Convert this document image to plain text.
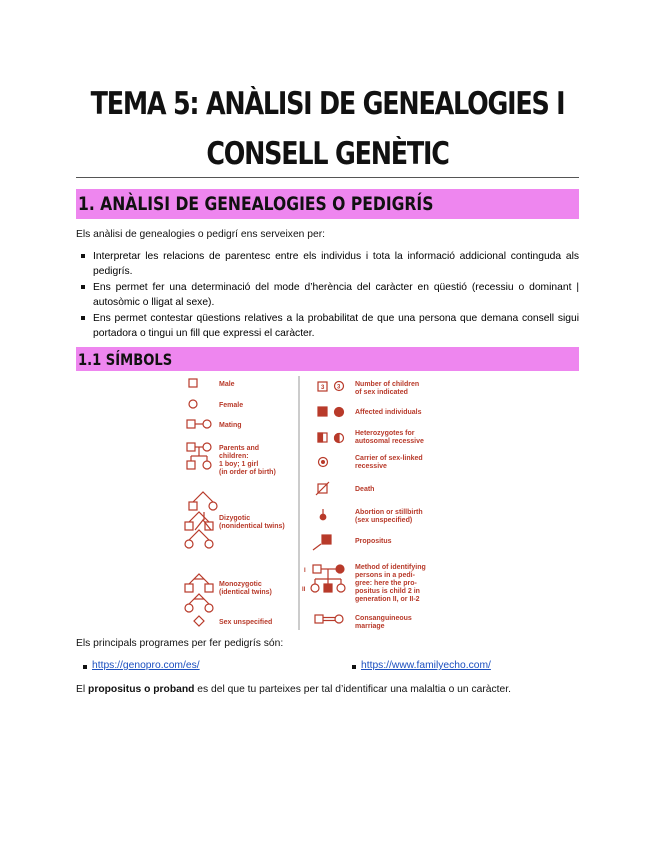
TEMA 5: ANÀLISI DE GENEALOGIES I
CONSELL GENÈTIC
1. ANÀLISI DE GENEALOGIES O PEDIGRÍS
Els anàlisi de genealogies o pedigrí ens serveixen per:
Interpretar les relacions de parentesc entre els individus i tota la informació addicional continguda als pedigrís.
Ens permet fer una determinació del mode d’herència del caràcter en qüestió (recessiu o dominant | autosòmic o lligat al sexe).
Ens permet contestar qüestions relatives a la probabilitat de que una persona que demana consell sigui portadora o tingui un fill que expressi el caràcter.
1.1 SÍMBOLS
3 3
I
II
Male
Female
Mating
Parents and
children:
1 boy; 1 girl
(in order of birth)
Dizygotic
(nonidentical twins)
Monozygotic
(identical twins)
Sex unspecified
Number of children
of sex indicated
Affected individuals
Heterozygotes for
autosomal recessive
Carrier of sex-linked
recessive
Death
Abortion or stillbirth
(sex unspecified)
Propositus
Method of identifying
persons in a pedi-
gree: here the pro-
positus is child 2 in
generation II, or II-2
Consanguineous
marriage
Els principals programes per fer pedigrís són:
https://genopro.com/es/	https://www.familyecho.com/
El propositus o proband es del que tu parteixes per tal d’identificar una malaltia o un caràcter.
